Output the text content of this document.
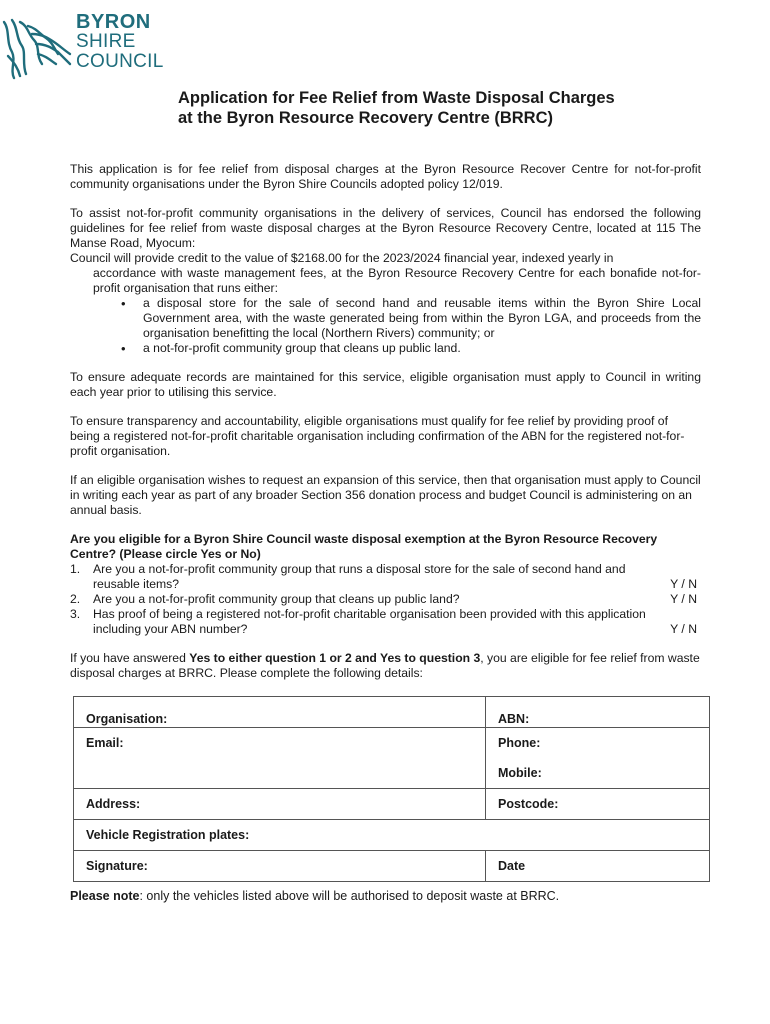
BYRON
SHIRE
COUNCIL
Application for Fee Relief from Waste Disposal Charges
at the Byron Resource Recovery Centre (BRRC)

This application is for fee relief from disposal charges at the Byron Resource Recover Centre for not-for-profit community organisations under the Byron Shire Councils adopted policy 12/019.

To assist not-for-profit community organisations in the delivery of services, Council has endorsed the following guidelines for fee relief from waste disposal charges at the Byron Resource Recovery Centre, located at 115 The Manse Road, Myocum:

Council will provide credit to the value of $2168.00 for the 2023/2024 financial year, indexed yearly in

accordance with waste management fees, at the Byron Resource Recovery Centre for each bonafide not-for-profit organisation that runs either:

• a disposal store for the sale of second hand and reusable items within the Byron Shire Local Government area, with the waste generated being from within the Byron LGA, and proceeds from the organisation benefitting the local (Northern Rivers) community; or
• a not-for-profit community group that cleans up public land.

To ensure adequate records are maintained for this service, eligible organisation must apply to Council in writing each year prior to utilising this service.

To ensure transparency and accountability, eligible organisations must qualify for fee relief by providing proof of being a registered not-for-profit charitable organisation including confirmation of the ABN for the registered not-for-profit organisation.

If an eligible organisation wishes to request an expansion of this service, then that organisation must apply to Council in writing each year as part of any broader Section 356 donation process and budget Council is administering on an annual basis.

Are you eligible for a Byron Shire Council waste disposal exemption at the Byron Resource Recovery Centre? (Please circle Yes or No)

1. Are you a not-for-profit community group that runs a disposal store for the sale of second hand and
reusable items?	Y / N
2. Are you a not-for-profit community group that cleans up public land?	Y / N
3. Has proof of being a registered not-for-profit charitable organisation been provided with this application
including your ABN number?	Y / N

If you have answered Yes to either question 1 or 2 and Yes to question 3, you are eligible for fee relief from waste disposal charges at BRRC. Please complete the following details:

Organisation:	ABN:

Email:	Phone:
Mobile:

Address:	Postcode:

Vehicle Registration plates:	

Signature:	Date
Please note: only the vehicles listed above will be authorised to deposit waste at BRRC.
